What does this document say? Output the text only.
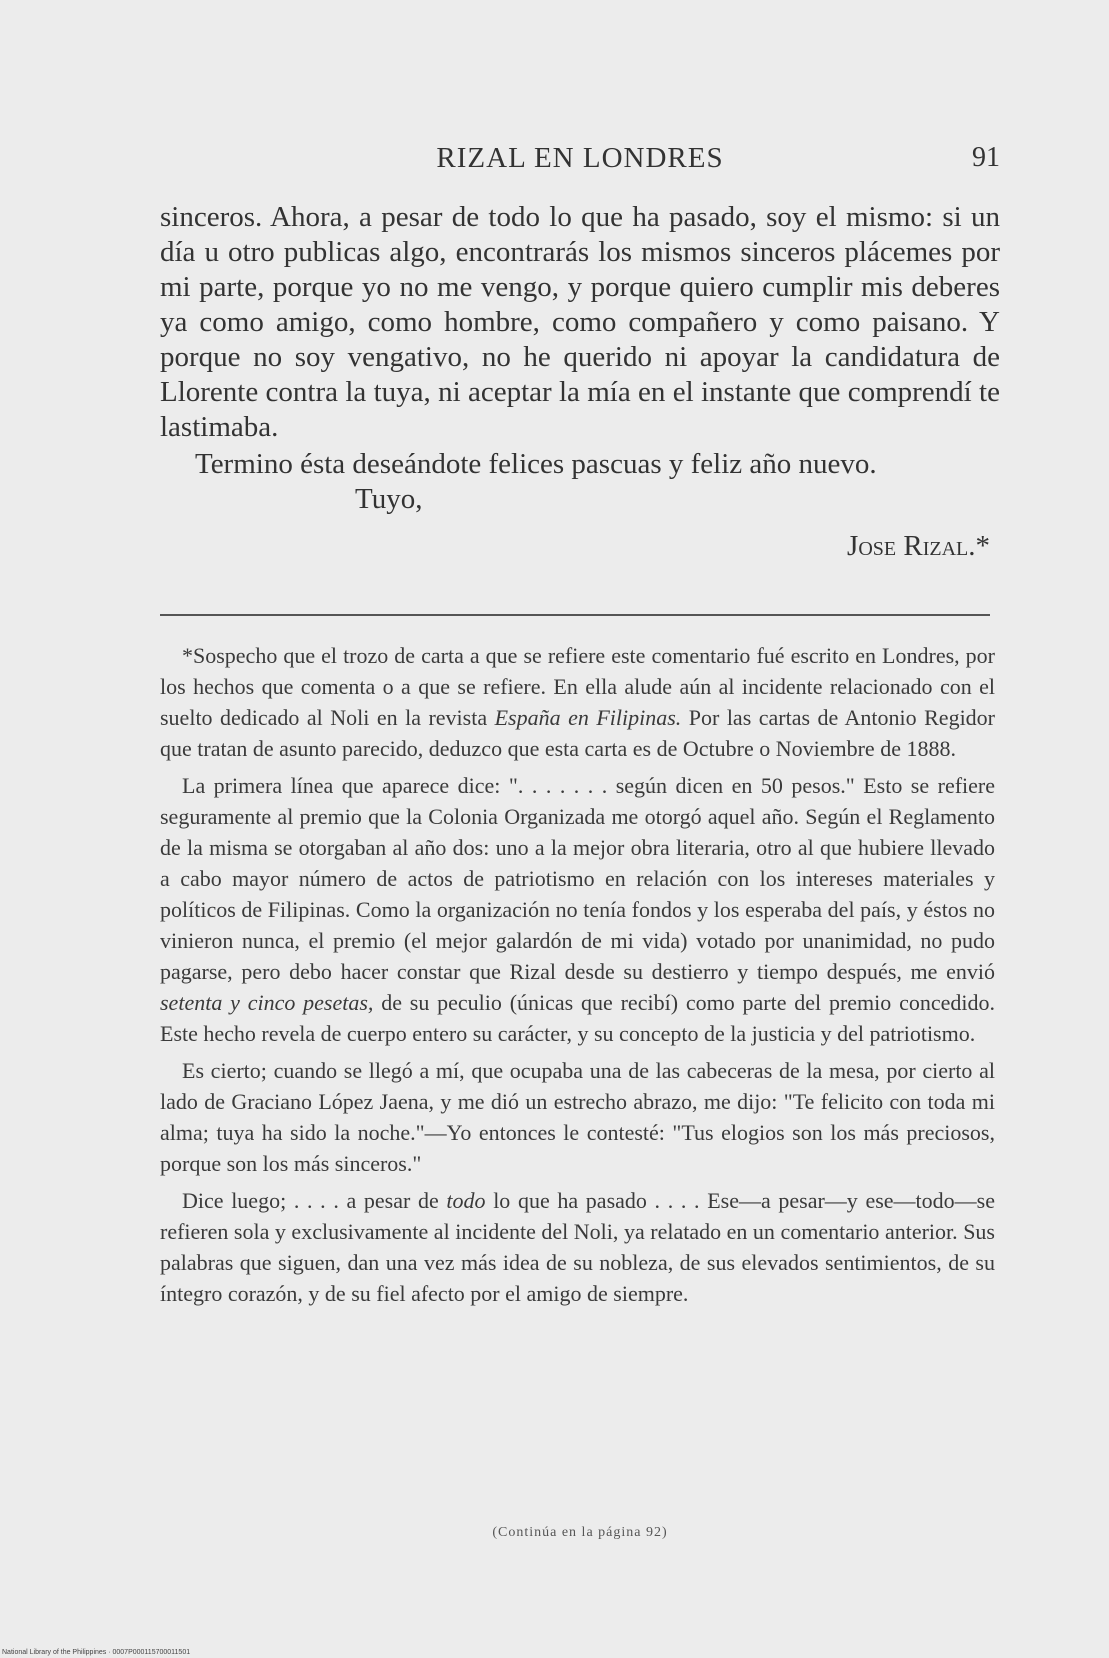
RIZAL EN LONDRES	91

sinceros. Ahora, a pesar de todo lo que ha pasado, soy el mismo: si un día u otro publicas algo, encontrarás los mismos sinceros plácemes por mi parte, porque yo no me vengo, y porque quiero cumplir mis deberes ya como amigo, como hombre, como compañero y como paisano. Y porque no soy vengativo, no he querido ni apoyar la candidatura de Llorente contra la tuya, ni aceptar la mía en el instante que comprendí te lastimaba.

Termino ésta deseándote felices pascuas y feliz año nuevo.

Tuyo,

Jose Rizal.*

*Sospecho que el trozo de carta a que se refiere este comentario fué escrito en Londres, por los hechos que comenta o a que se refiere. En ella alude aún al incidente relacionado con el suelto dedicado al Noli en la revista España en Filipinas. Por las cartas de Antonio Regidor que tratan de asunto parecido, deduzco que esta carta es de Octubre o Noviembre de 1888.

La primera línea que aparece dice: ". . . . . . . según dicen en 50 pesos." Esto se refiere seguramente al premio que la Colonia Organizada me otorgó aquel año. Según el Reglamento de la misma se otorgaban al año dos: uno a la mejor obra literaria, otro al que hubiere llevado a cabo mayor número de actos de patriotismo en relación con los intereses materiales y políticos de Filipinas. Como la organización no tenía fondos y los esperaba del país, y éstos no vinieron nunca, el premio (el mejor galardón de mi vida) votado por unanimidad, no pudo pagarse, pero debo hacer constar que Rizal desde su destierro y tiempo después, me envió setenta y cinco pesetas, de su peculio (únicas que recibí) como parte del premio concedido. Este hecho revela de cuerpo entero su carácter, y su concepto de la justicia y del patriotismo.

Es cierto; cuando se llegó a mí, que ocupaba una de las cabeceras de la mesa, por cierto al lado de Graciano López Jaena, y me dió un estrecho abrazo, me dijo: "Te felicito con toda mi alma; tuya ha sido la noche."—Yo entonces le contesté: "Tus elogios son los más preciosos, porque son los más sinceros."

Dice luego; . . . . a pesar de todo lo que ha pasado . . . . Ese—a pesar—y ese—todo—se refieren sola y exclusivamente al incidente del Noli, ya relatado en un comentario anterior. Sus palabras que siguen, dan una vez más idea de su nobleza, de sus elevados sentimientos, de su íntegro corazón, y de su fiel afecto por el amigo de siempre.

(Continúa en la página 92)
National Library of the Philippines · 0007P000115700011501
